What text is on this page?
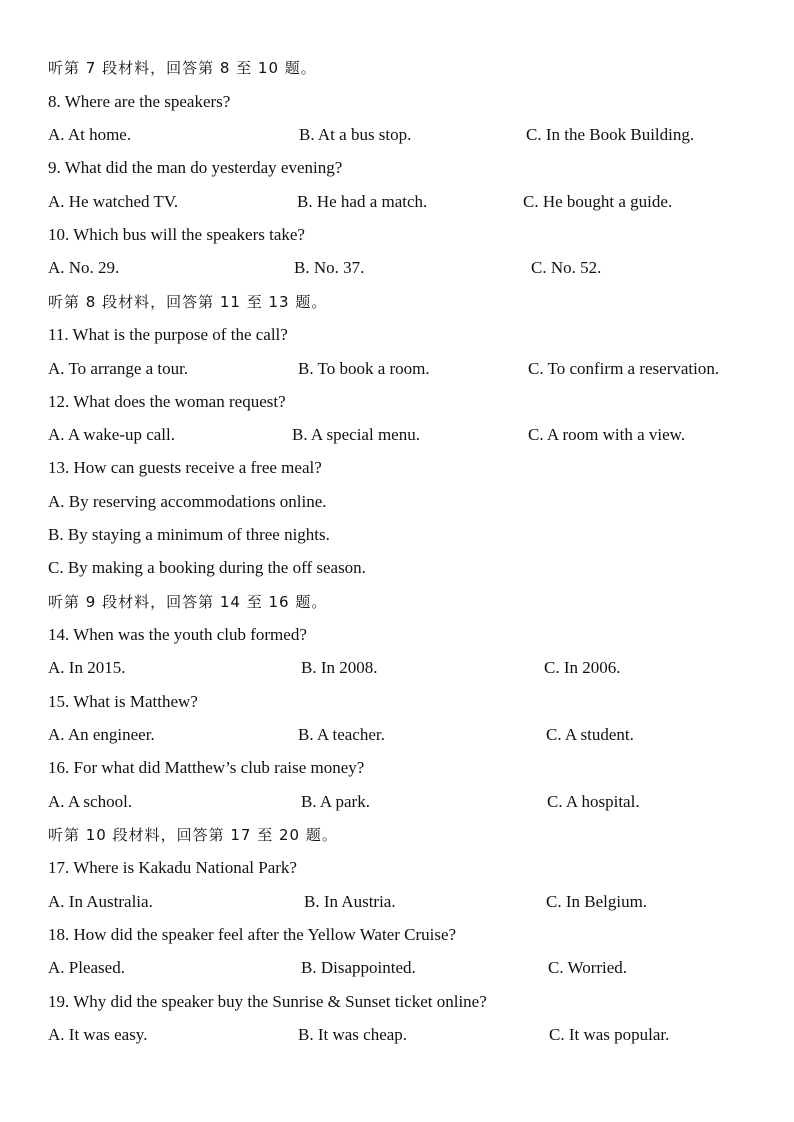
听第 7 段材料，回答第 8 至 10 题。
8. Where are the speakers?
A. At home.	B. At a bus stop.	C. In the Book Building.
9. What did the man do yesterday evening?
A. He watched TV.	B. He had a match.	C. He bought a guide.
10. Which bus will the speakers take?
A. No. 29.	B. No. 37.	C. No. 52.
听第 8 段材料，回答第 11 至 13 题。
11. What is the purpose of the call?
A. To arrange a tour.	B. To book a room.	C. To confirm a reservation.
12. What does the woman request?
A. A wake-up call.	B. A special menu.	C. A room with a view.
13. How can guests receive a free meal?
A. By reserving accommodations online.
B. By staying a minimum of three nights.
C. By making a booking during the off season.
听第 9 段材料，回答第 14 至 16 题。
14. When was the youth club formed?
A. In 2015.	B. In 2008.	C. In 2006.
15. What is Matthew?
A. An engineer.	B. A teacher.	C. A student.
16. For what did Matthew’s club raise money?
A. A school.	B. A park.	C. A hospital.
听第 10 段材料，回答第 17 至 20 题。
17. Where is Kakadu National Park?
A. In Australia.	B. In Austria.	C. In Belgium.
18. How did the speaker feel after the Yellow Water Cruise?
A. Pleased.	B. Disappointed.	C. Worried.
19. Why did the speaker buy the Sunrise & Sunset ticket online?
A. It was easy.	B. It was cheap.	C. It was popular.
